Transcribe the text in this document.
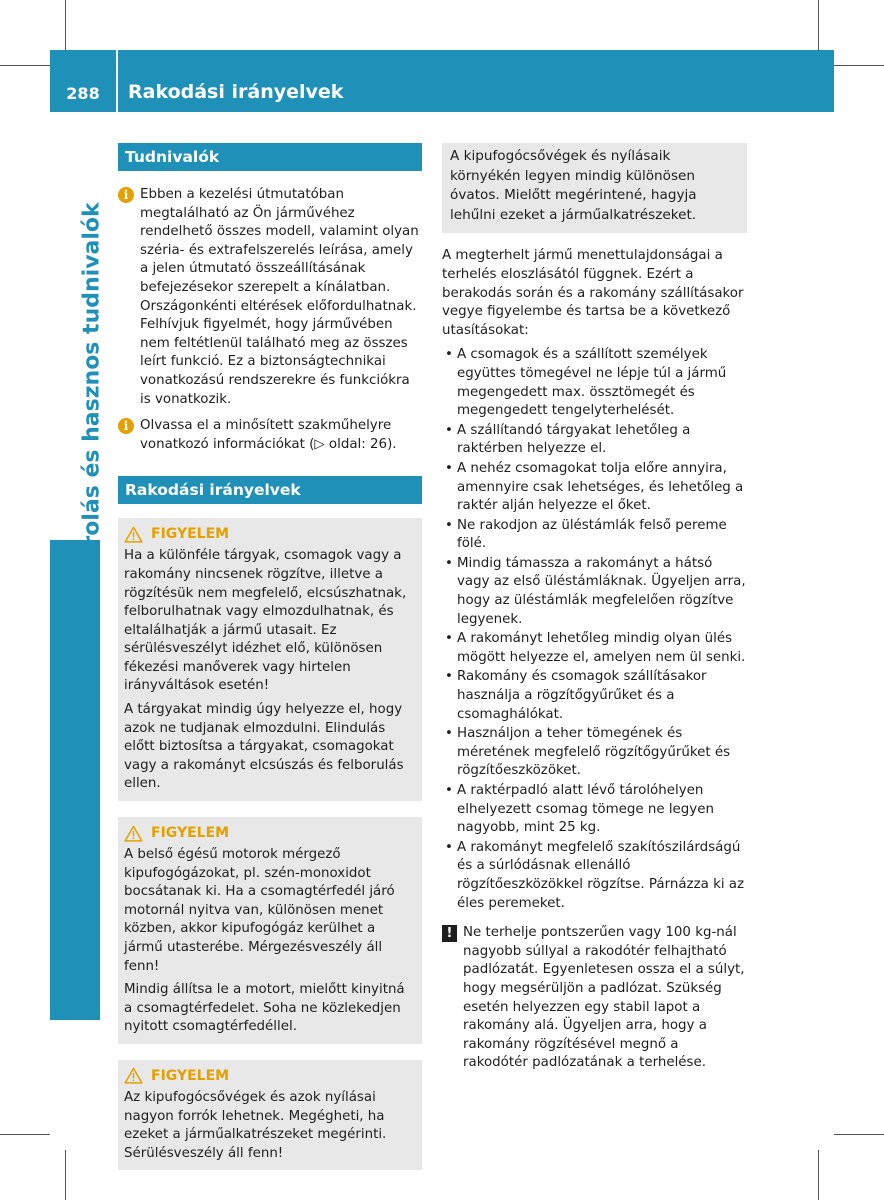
288	Rakodási irányelvek
Tárolás és hasznos tudnivalók
Tudnivalók
i Ebben a kezelési útmutatóban megtalálható az Ön járművéhez rendelhető összes modell, valamint olyan széria- és extrafelszerelés leírása, amely a jelen útmutató összeállításának befejezésekor szerepelt a kínálatban. Országonkénti eltérések előfordulhatnak. Felhívjuk figyelmét, hogy járművében nem feltétlenül található meg az összes leírt funkció. Ez a biztonságtechnikai vonatkozású rendszerekre és funkciókra is vonatkozik.
i Olvassa el a minősített szakműhelyre vonatkozó információkat (▷ oldal: 26).
Rakodási irányelvek
FIGYELEM

Ha a különféle tárgyak, csomagok vagy a rakomány nincsenek rögzítve, illetve a rögzítésük nem megfelelő, elcsúszhatnak, felborulhatnak vagy elmozdulhatnak, és eltalálhatják a jármű utasait. Ez sérülésveszélyt idézhet elő, különösen fékezési manőverek vagy hirtelen irányváltások esetén!

A tárgyakat mindig úgy helyezze el, hogy azok ne tudjanak elmozdulni. Elindulás előtt biztosítsa a tárgyakat, csomagokat vagy a rakományt elcsúszás és felborulás ellen.

FIGYELEM

A belső égésű motorok mérgező kipufogógázokat, pl. szén-monoxidot bocsátanak ki. Ha a csomagtérfedél járó motornál nyitva van, különösen menet közben, akkor kipufogógáz kerülhet a jármű utasterébe. Mérgezésveszély áll fenn!

Mindig állítsa le a motort, mielőtt kinyitná a csomagtérfedelet. Soha ne közlekedjen nyitott csomagtérfedéllel.

FIGYELEM

Az kipufogócsővégek és azok nyílásai nagyon forrók lehetnek. Megégheti, ha ezeket a járműalkatrészeket megérinti. Sérülésveszély áll fenn!

A kipufogócsővégek és nyílásaik környékén legyen mindig különösen óvatos. Mielőtt megérintené, hagyja lehűlni ezeket a járműalkatrészeket.
A megterhelt jármű menettulajdonságai a terhelés eloszlásától függnek. Ezért a berakodás során és a rakomány szállításakor vegye figyelembe és tartsa be a következő utasításokat:
• A csomagok és a szállított személyek együttes tömegével ne lépje túl a jármű megengedett max. össztömegét és megengedett tengelyterhelését.
• A szállítandó tárgyakat lehetőleg a raktérben helyezze el.
• A nehéz csomagokat tolja előre annyira, amennyire csak lehetséges, és lehetőleg a raktér alján helyezze el őket.
• Ne rakodjon az üléstámlák felső pereme fölé.
• Mindig támassza a rakományt a hátsó vagy az első üléstámláknak. Ügyeljen arra, hogy az üléstámlák megfelelően rögzítve legyenek.
• A rakományt lehetőleg mindig olyan ülés mögött helyezze el, amelyen nem ül senki.
• Rakomány és csomagok szállításakor használja a rögzítőgyűrűket és a csomaghálókat.
• Használjon a teher tömegének és méretének megfelelő rögzítőgyűrűket és rögzítőeszközöket.
• A raktérpadló alatt lévő tárolóhelyen elhelyezett csomag tömege ne legyen nagyobb, mint 25 kg.
• A rakományt megfelelő szakítószilárdságú és a súrlódásnak ellenálló rögzítőeszközökkel rögzítse. Párnázza ki az éles peremeket.
! Ne terhelje pontszerűen vagy 100 kg-nál nagyobb súllyal a rakodótér felhajtható padlózatát. Egyenletesen ossza el a súlyt, hogy megsérüljön a padlózat. Szükség esetén helyezzen egy stabil lapot a rakomány alá. Ügyeljen arra, hogy a rakomány rögzítésével megnő a rakodótér padlózatának a terhelése.
